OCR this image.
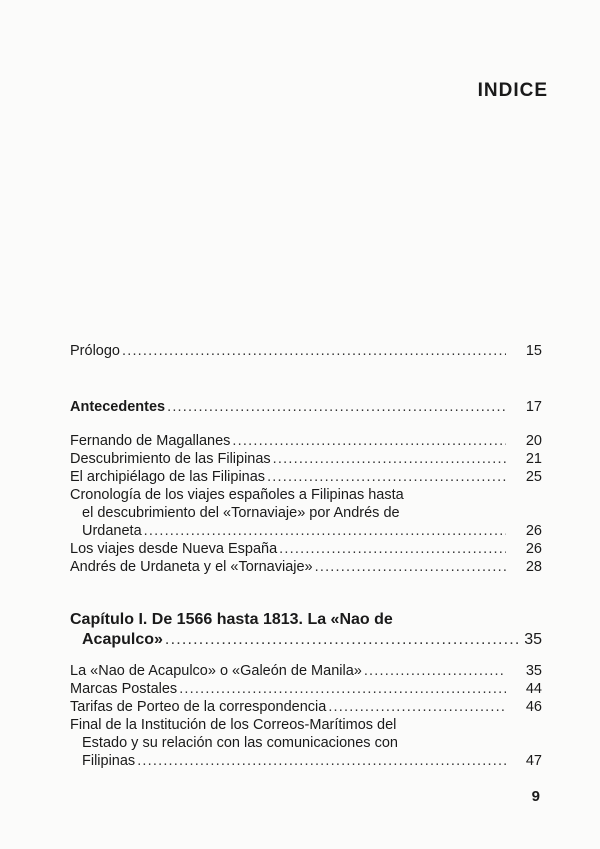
INDICE
Prólogo .....	15
Antecedentes .....	17
Fernando de Magallanes .....	20
Descubrimiento de las Filipinas .....	21
El archipiélago de las Filipinas .....	25
Cronología de los viajes españoles a Filipinas hasta
el descubrimiento del «Tornaviaje» por Andrés de
Urdaneta .....	26
Los viajes desde Nueva España .....	26
Andrés de Urdaneta y el «Tornaviaje» .....	28
Capítulo I. De 1566 hasta 1813. La «Nao de
Acapulco» .....	35
La «Nao de Acapulco» o «Galeón de Manila» .....	35
Marcas Postales .....	44
Tarifas de Porteo de la correspondencia .....	46
Final de la Institución de los Correos-Marítimos del
Estado y su relación con las comunicaciones con
Filipinas .....	47
9
